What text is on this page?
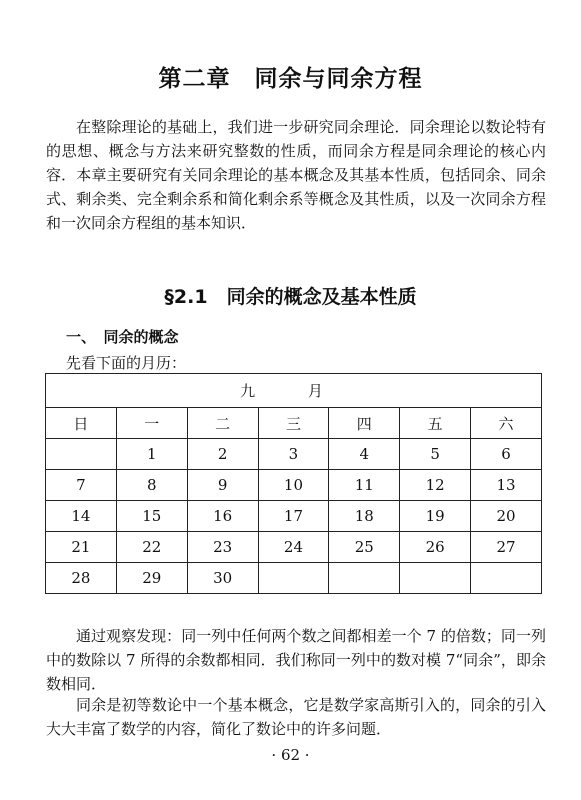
第二章　同余与同余方程

在整除理论的基础上，我们进一步研究同余理论．同余理论以数论特有的思想、概念与方法来研究整数的性质，而同余方程是同余理论的核心内容．本章主要研究有关同余理论的基本概念及其基本性质，包括同余、同余式、剩余类、完全剩余系和简化剩余系等概念及其性质，以及一次同余方程和一次同余方程组的基本知识．

§2.1　同余的概念及基本性质
一、　同余的概念
先看下面的月历：
九 月						
日	一	二	三	四	五	六
	1	2	3	4	5	6
7	8	9	10	11	12	13
14	15	16	17	18	19	20
21	22	23	24	25	26	27
28	29	30				

通过观察发现：同一列中任何两个数之间都相差一个 7 的倍数；同一列中的数除以 7 所得的余数都相同．我们称同一列中的数对模 7“同余”，即余数相同．

同余是初等数论中一个基本概念，它是数学家高斯引入的，同余的引入大大丰富了数学的内容，简化了数论中的许多问题．

· 62 ·
